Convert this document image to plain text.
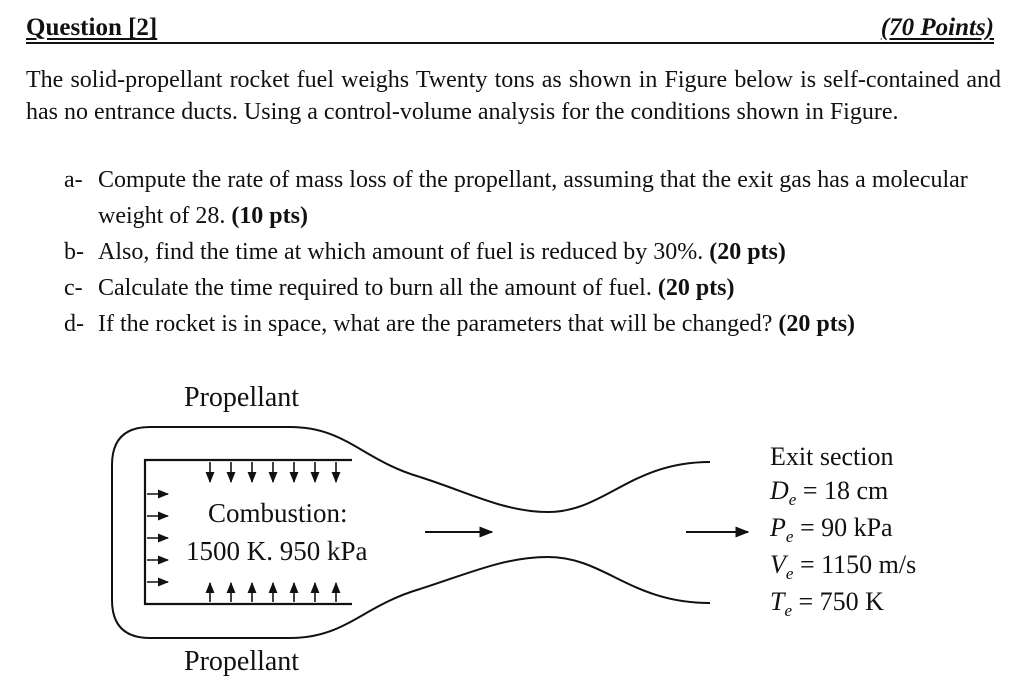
Question [2]	(70 Points)
The solid-propellant rocket fuel weighs Twenty tons as shown in Figure below is self-contained and has no entrance ducts. Using a control-volume analysis for the conditions shown in Figure.
a- Compute the rate of mass loss of the propellant, assuming that the exit gas has a molecular weight of 28. (10 pts)
b- Also, find the time at which amount of fuel is reduced by 30%. (20 pts)
c- Calculate the time required to burn all the amount of fuel. (20 pts)
d- If the rocket is in space, what are the parameters that will be changed? (20 pts)
Propellant
Propellant
Combustion:
1500 K. 950 kPa
Exit section
$D_e = 18$ cm
$P_e = 90$ kPa
$V_e = 1150$ m/s
$T_e = 750$ K
